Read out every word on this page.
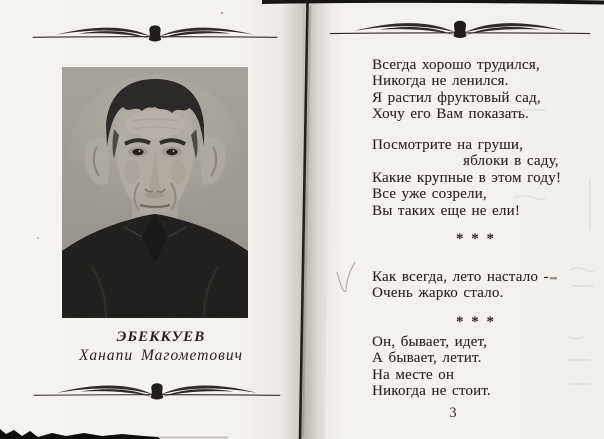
ЭБЕККУЕВ
Ханапи Магометович
Всегда хорошо трудился,
Никогда не ленился.
Я растил фруктовый сад,
Хочу его Вам показать.
Посмотрите на груши,
яблоки в саду,
Какие крупные в этом году!
Все уже созрели,
Вы таких еще не ели!
* * *
Как всегда, лето настало -
Очень жарко стало.
* * *
Он, бывает, идет,
А бывает, летит.
На месте он
Никогда не стоит.
3
